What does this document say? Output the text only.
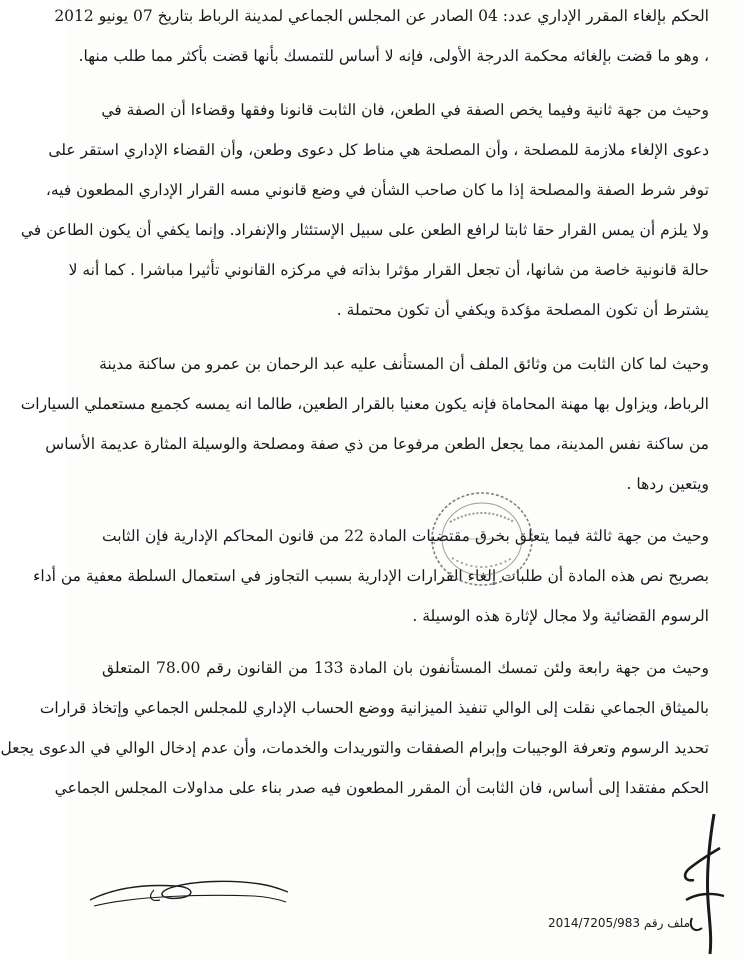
الحكم بإلغاء المقرر الإداري عدد: 04 الصادر عن المجلس الجماعي لمدينة الرباط بتاريخ 07 يونيو 2012
، وهو ما قضت بإلغائه محكمة الدرجة الأولى، فإنه لا أساس للتمسك بأنها قضت بأكثر مما طلب منها.

وحيث من جهة ثانية وفيما يخص الصفة في الطعن، فان الثابت قانونا وفقها وقضاءا أن الصفة في
دعوى الإلغاء ملازمة للمصلحة ، وأن المصلحة هي مناط كل دعوى وطعن، وأن القضاء الإداري استقر على
توفر شرط الصفة والمصلحة إذا ما كان صاحب الشأن في وضع قانوني مسه القرار الإداري المطعون فيه،
ولا يلزم أن يمس القرار حقا ثابتا لرافع الطعن على سبيل الإستئثار والإنفراد. وإنما يكفي أن يكون الطاعن في
حالة قانونية خاصة من شانها، أن تجعل القرار مؤثرا بذاته في مركزه القانوني تأثيرا مباشرا . كما أنه لا
يشترط أن تكون المصلحة مؤكدة ويكفي أن تكون محتملة .

وحيث لما كان الثابت من وثائق الملف أن المستأنف عليه عبد الرحمان بن عمرو من ساكنة مدينة
الرباط، ويزاول بها مهنة المحاماة فإنه يكون معنيا بالقرار الطعين، طالما انه يمسه كجميع مستعملي السيارات
من ساكنة نفس المدينة، مما يجعل الطعن مرفوعا من ذي صفة ومصلحة والوسيلة المثارة عديمة الأساس
ويتعين ردها .

وحيث من جهة ثالثة فيما يتعلق بخرق مقتضيات المادة 22 من قانون المحاكم الإدارية فإن الثابت
بصريح نص هذه المادة أن طلبات إلغاء القرارات الإدارية بسبب التجاوز في استعمال السلطة معفية من أداء
الرسوم القضائية ولا مجال لإثارة هذه الوسيلة .

وحيث من جهة رابعة ولئن تمسك المستأنفون بان المادة 133 من القانون رقم 78.00 المتعلق
بالميثاق الجماعي نقلت إلى الوالي تنفيذ الميزانية ووضع الحساب الإداري للمجلس الجماعي وإتخاذ قرارات
تحديد الرسوم وتعرفة الوجيبات وإبرام الصفقات والتوريدات والخدمات، وأن عدم إدخال الوالي في الدعوى يجعل
الحكم مفتقدا إلى أساس، فان الثابت أن المقرر المطعون فيه صدر بناء على مداولات المجلس الجماعي

ملف رقم 2014/7205/983
